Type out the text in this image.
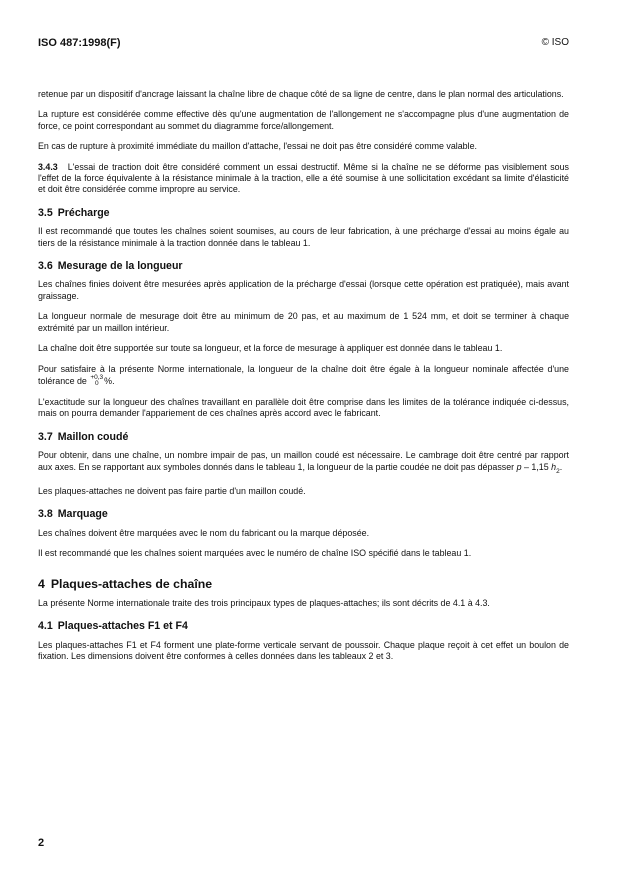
ISO 487:1998(F)	© ISO

retenue par un dispositif d'ancrage laissant la chaîne libre de chaque côté de sa ligne de centre, dans le plan normal des articulations.

La rupture est considérée comme effective dès qu'une augmentation de l'allongement ne s'accompagne plus d'une augmentation de force, ce point correspondant au sommet du diagramme force/allongement.

En cas de rupture à proximité immédiate du maillon d'attache, l'essai ne doit pas être considéré comme valable.

3.4.3 L'essai de traction doit être considéré comment un essai destructif. Même si la chaîne ne se déforme pas visiblement sous l'effet de la force équivalente à la résistance minimale à la traction, elle a été soumise à une sollicitation excédant sa limite d'élasticité et doit être considérée comme impropre au service.

3.5 Précharge

Il est recommandé que toutes les chaînes soient soumises, au cours de leur fabrication, à une précharge d'essai au moins égale au tiers de la résistance minimale à la traction donnée dans le tableau 1.

3.6 Mesurage de la longueur

Les chaînes finies doivent être mesurées après application de la précharge d'essai (lorsque cette opération est pratiquée), mais avant graissage.

La longueur normale de mesurage doit être au minimum de 20 pas, et au maximum de 1 524 mm, et doit se terminer à chaque extrémité par un maillon intérieur.

La chaîne doit être supportée sur toute sa longueur, et la force de mesurage à appliquer est donnée dans le tableau 1.

Pour satisfaire à la présente Norme internationale, la longueur de la chaîne doit être égale à la longueur nominale affectée d'une tolérance de +0,3
0 %.

L'exactitude sur la longueur des chaînes travaillant en parallèle doit être comprise dans les limites de la tolérance indiquée ci-dessus, mais on pourra demander l'appariement de ces chaînes après accord avec le fabricant.

3.7 Maillon coudé

Pour obtenir, dans une chaîne, un nombre impair de pas, un maillon coudé est nécessaire. Le cambrage doit être centré par rapport aux axes. En se rapportant aux symboles donnés dans le tableau 1, la longueur de la partie coudée ne doit pas dépasser p – 1,15 $h_2$.

Les plaques-attaches ne doivent pas faire partie d'un maillon coudé.

3.8 Marquage

Les chaînes doivent être marquées avec le nom du fabricant ou la marque déposée.

Il est recommandé que les chaînes soient marquées avec le numéro de chaîne ISO spécifié dans le tableau 1.

4 Plaques-attaches de chaîne

La présente Norme internationale traite des trois principaux types de plaques-attaches; ils sont décrits de 4.1 à 4.3.

4.1 Plaques-attaches F1 et F4

Les plaques-attaches F1 et F4 forment une plate-forme verticale servant de poussoir. Chaque plaque reçoit à cet effet un boulon de fixation. Les dimensions doivent être conformes à celles données dans les tableaux 2 et 3.

2
